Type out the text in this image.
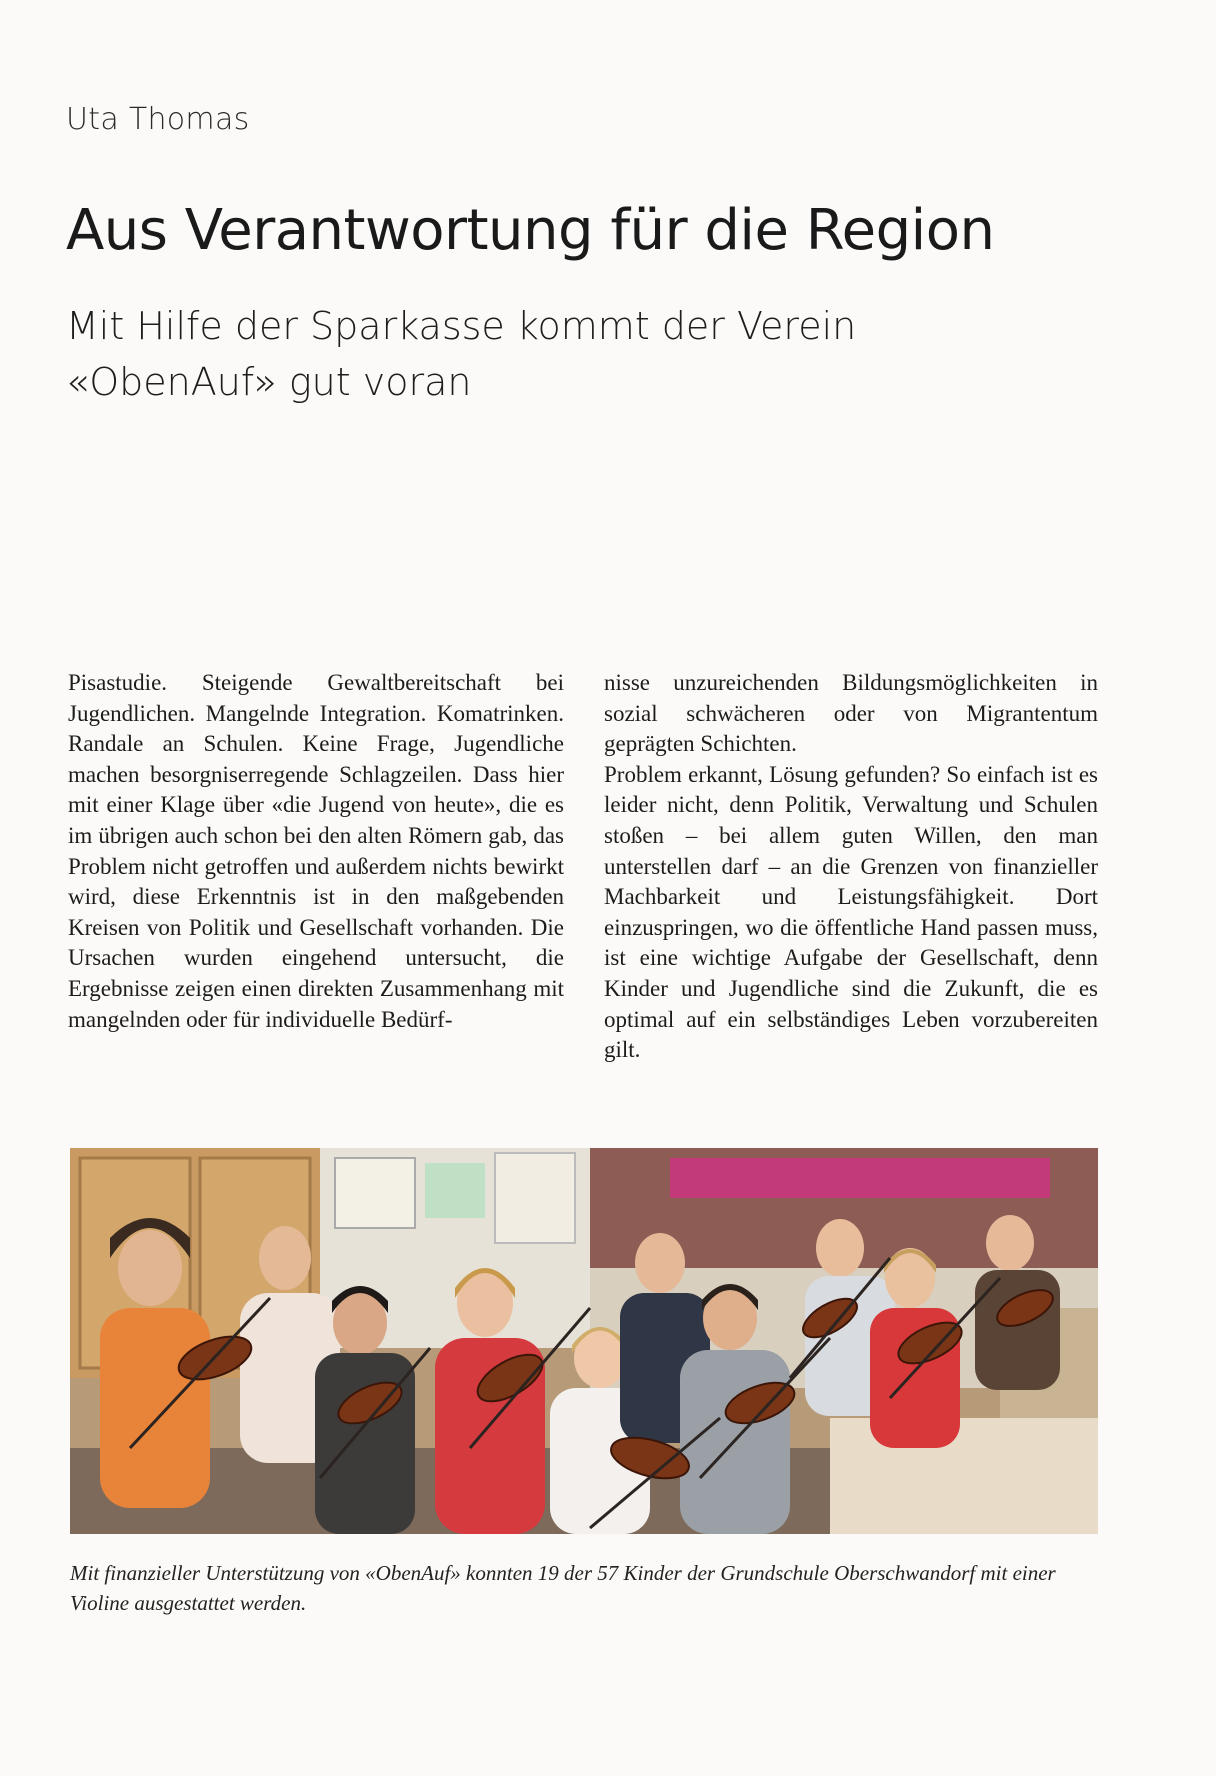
Uta Thomas
Aus Verantwortung für die Region
Mit Hilfe der Sparkasse kommt der Verein «ObenAuf» gut voran

Pisastudie. Steigende Gewaltbereitschaft bei Jugendlichen. Mangelnde Integration. Komatrinken. Randale an Schulen. Keine Frage, Jugendliche machen besorgniserregende Schlagzeilen. Dass hier mit einer Klage über «die Jugend von heute», die es im übrigen auch schon bei den alten Römern gab, das Problem nicht getroffen und außerdem nichts bewirkt wird, diese Erkenntnis ist in den maßgebenden Kreisen von Politik und Gesellschaft vorhanden. Die Ursachen wurden eingehend untersucht, die Ergebnisse zeigen einen direkten Zusammenhang mit mangelnden oder für individuelle Bedürf-

nisse unzureichenden Bildungsmöglichkeiten in sozial schwächeren oder von Migrantentum geprägten Schichten.

Problem erkannt, Lösung gefunden? So einfach ist es leider nicht, denn Politik, Verwaltung und Schulen stoßen – bei allem guten Willen, den man unterstellen darf – an die Grenzen von finanzieller Machbarkeit und Leistungsfähigkeit. Dort einzuspringen, wo die öffentliche Hand passen muss, ist eine wichtige Aufgabe der Gesellschaft, denn Kinder und Jugendliche sind die Zukunft, die es optimal auf ein selbständiges Leben vorzubereiten gilt.

Mit finanzieller Unterstützung von «ObenAuf» konnten 19 der 57 Kinder der Grundschule Oberschwandorf mit einer Violine ausgestattet werden.
